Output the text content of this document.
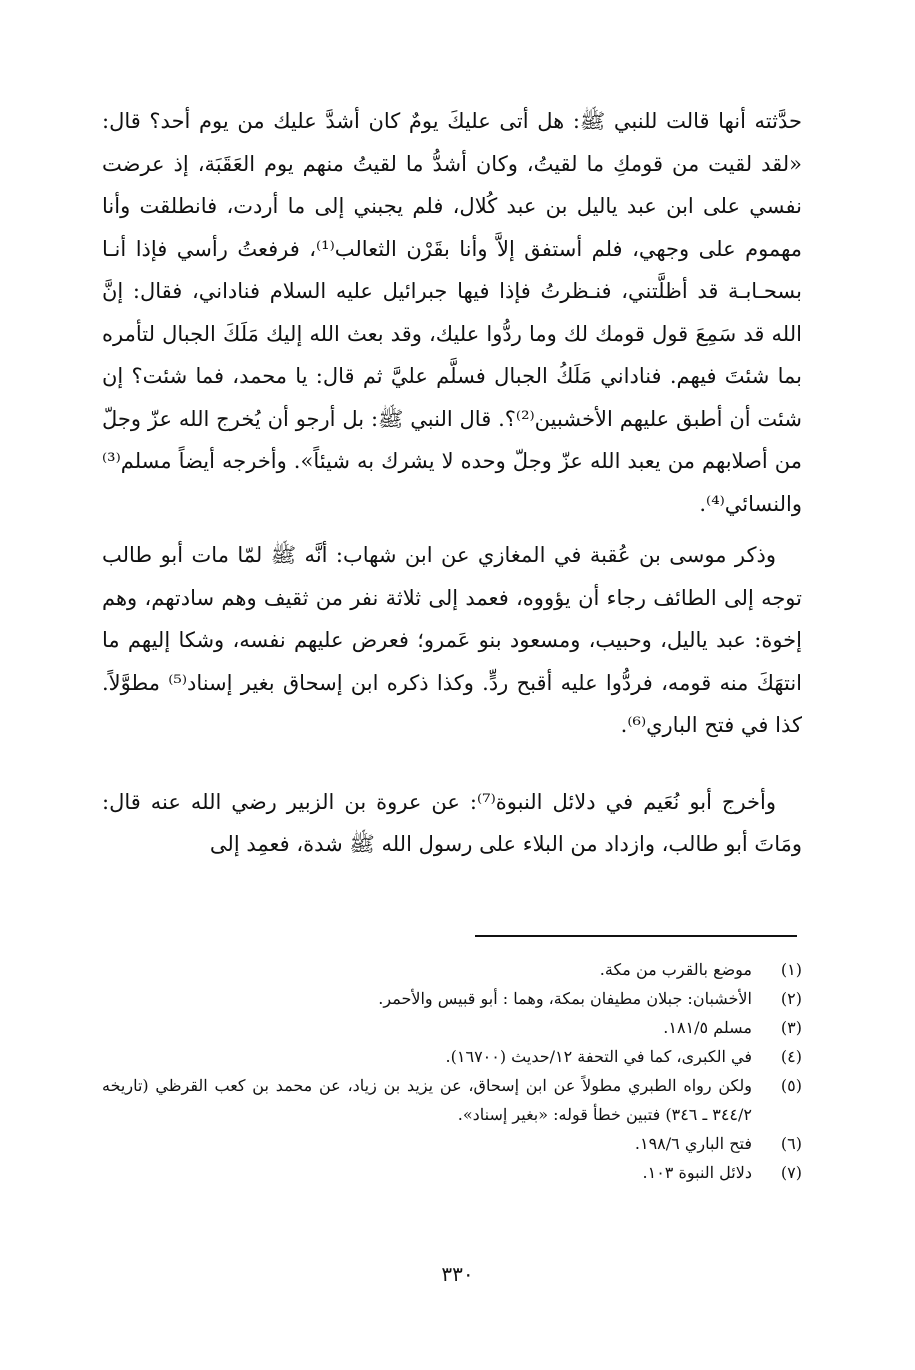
حدَّثته أنها قالت للنبي ﷺ: هل أتى عليكَ يومٌ كان أشدَّ عليك من يوم أحد؟ قال: «لقد لقيت من قومكِ ما لقيتُ، وكان أشدُّ ما لقيتُ منهم يوم العَقَبَة، إذ عرضت نفسي على ابن عبد ياليل بن عبد كُلال، فلم يجبني إلى ما أردت، فانطلقت وأنا مهموم على وجهي، فلم أستفق إلاَّ وأنا بقَرْن الثعالب⁽¹⁾، فرفعتُ رأسي فإذا أنـا بسحـابـة قد أظلَّتني، فنـظرتُ فإذا فيها جبرائيل عليه السلام فناداني، فقال: إنَّ الله قد سَمِعَ قول قومك لك وما ردُّوا عليك، وقد بعث الله إليك مَلَكَ الجبال لتأمره بما شئتَ فيهم. فناداني مَلَكُ الجبال فسلَّم عليَّ ثم قال: يا محمد، فما شئت؟ إن شئت أن أطبق عليهم الأخشبين⁽²⁾؟. قال النبي ﷺ: بل أرجو أن يُخرج الله عزّ وجلّ من أصلابهم من يعبد الله عزّ وجلّ وحده لا يشرك به شيئاً». وأخرجه أيضاً مسلم⁽³⁾ والنسائي⁽⁴⁾.

وذكر موسى بن عُقبة في المغازي عن ابن شهاب: أنَّه ﷺ لمّا مات أبو طالب توجه إلى الطائف رجاء أن يؤووه، فعمد إلى ثلاثة نفر من ثقيف وهم سادتهم، وهم إخوة: عبد ياليل، وحبيب، ومسعود بنو عَمرو؛ فعرض عليهم نفسه، وشكا إليهم ما انتهَكَ منه قومه، فردُّوا عليه أقبح ردٍّ. وكذا ذكره ابن إسحاق بغير إسناد⁽⁵⁾ مطوَّلاً. كذا في فتح الباري⁽⁶⁾.

وأخرج أبو نُعَيم في دلائل النبوة⁽⁷⁾: عن عروة بن الزبير رضي الله عنه قال: ومَاتَ أبو طالب، وازداد من البلاء على رسول الله ﷺ شدة، فعمِد إلى

(١)
موضع بالقرب من مكة.
(٢)
الأخشبان: جبلان مطيفان بمكة، وهما : أبو قبيس والأحمر.
(٣)
مسلم ١٨١/٥.
(٤)
في الكبرى، كما في التحفة ١٢/حديث (١٦٧٠٠).
(٥)
ولكن رواه الطبري مطولاً عن ابن إسحاق، عن يزيد بن زياد، عن محمد بن كعب القرظي (تاريخه ٣٤٤/٢ ـ ٣٤٦) فتبين خطأ قوله: «بغير إسناد».
(٦)
فتح الباري ١٩٨/٦.
(٧)
دلائل النبوة ١٠٣.
٣٣٠
